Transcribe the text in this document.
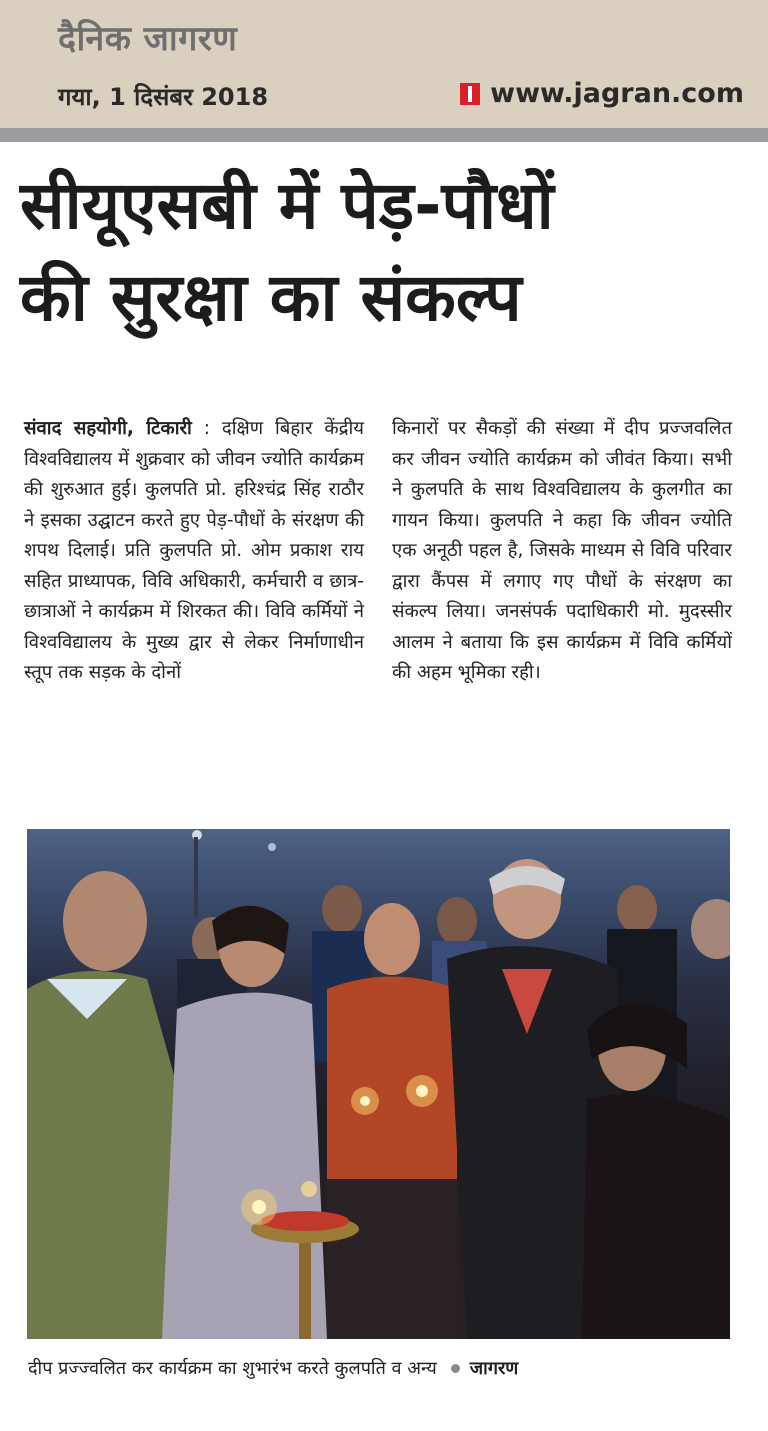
दैनिक जागरण
गया, 1 दिसंबर 2018	www.jagran.com
सीयूएसबी में पेड़-पौधों
की सुरक्षा का संकल्प

संवाद सहयोगी, टिकारी : दक्षिण बिहार केंद्रीय विश्वविद्यालय में शुक्रवार को जीवन ज्योति कार्यक्रम की शुरुआत हुई। कुलपति प्रो. हरिश्चंद्र सिंह राठौर ने इसका उद्घाटन करते हुए पेड़-पौधों के संरक्षण की शपथ दिलाई। प्रति कुलपति प्रो. ओम प्रकाश राय सहित प्राध्यापक, विवि अधिकारी, कर्मचारी व छात्र-छात्राओं ने कार्यक्रम में शिरकत की। विवि कर्मियों ने विश्वविद्यालय के मुख्य द्वार से लेकर निर्माणाधीन स्तूप तक सड़क के दोनों

किनारों पर सैकड़ों की संख्या में दीप प्रज्जवलित कर जीवन ज्योति कार्यक्रम को जीवंत किया। सभी ने कुलपति के साथ विश्वविद्यालय के कुलगीत का गायन किया। कुलपति ने कहा कि जीवन ज्योति एक अनूठी पहल है, जिसके माध्यम से विवि परिवार द्वारा कैंपस में लगाए गए पौधों के संरक्षण का संकल्प लिया। जनसंपर्क पदाधिकारी मो. मुदस्सीर आलम ने बताया कि इस कार्यक्रम में विवि कर्मियों की अहम भूमिका रही।

दीप प्रज्ज्वलित कर कार्यक्रम का शुभारंभ करते कुलपति व अन्य जागरण
